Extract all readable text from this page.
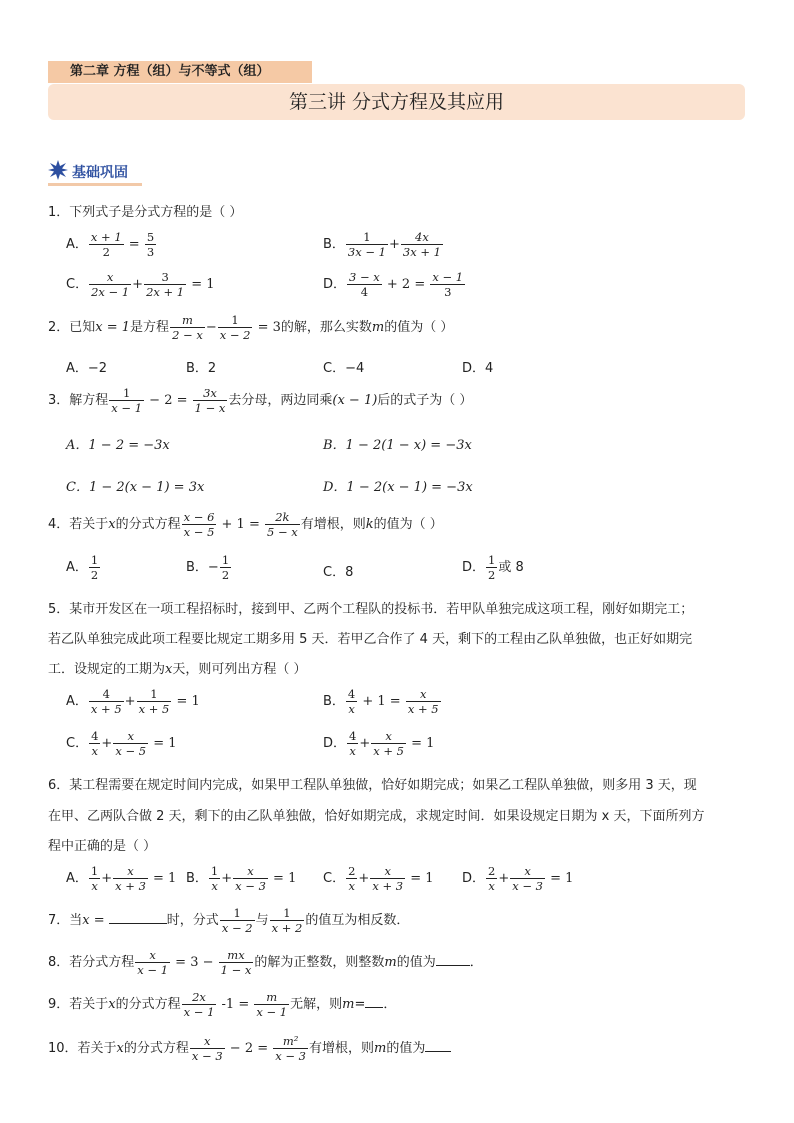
第二章 方程（组）与不等式（组）
第三讲 分式方程及其应用
基础巩固
1．下列式子是分式方程的是（ ）
A． $\frac{x + 1}{2} = \frac{5}{3}$	B． $\frac{1}{3x - 1} + \frac{4x}{3x + 1}$
C． $\frac{x}{2x - 1} + \frac{3}{2x + 1} = 1$	D． $\frac{3 - x}{4} + 2 = \frac{x - 1}{3}$
2．已知x = 1是方程 $\frac{m}{2 - x} - \frac{1}{x - 2} = 3$的解，那么实数m的值为（ ）
A．−2	B．2	C．−4	D．4
3．解方程 $\frac{1}{x - 1} - 2 = \frac{3x}{1 - x}$ 去分母，两边同乘(x − 1)后的式子为（ ）
A．1 − 2 = −3x	B．1 − 2(1 − x) = −3x
C．1 − 2(x − 1) = 3x	D．1 − 2(x − 1) = −3x
4．若关于x的分式方程 $\frac{x - 6}{x - 5} + 1 = \frac{2k}{5 - x}$ 有增根，则k的值为（ ）
A． $\frac{1}{2}$	B．− $\frac{1}{2}$	C．8	D． $\frac{1}{2}$ 或 8
5．某市开发区在一项工程招标时，接到甲、乙两个工程队的投标书．若甲队单独完成这项工程，刚好如期完工；
若乙队单独完成此项工程要比规定工期多用 5 天．若甲乙合作了 4 天，剩下的工程由乙队单独做，也正好如期完
工．设规定的工期为x天，则可列出方程（ ）
A． $\frac{4}{x + 5} + \frac{1}{x + 5} = 1$	B． $\frac{4}{x} + 1 = \frac{x}{x + 5}$
C． $\frac{4}{x} + \frac{x}{x - 5} = 1$	D． $\frac{4}{x} + \frac{x}{x + 5} = 1$
6．某工程需要在规定时间内完成，如果甲工程队单独做，恰好如期完成；如果乙工程队单独做，则多用 3 天，现
在甲、乙两队合做 2 天，剩下的由乙队单独做，恰好如期完成，求规定时间．如果设规定日期为 x 天，下面所列方
程中正确的是（ ）
A． $\frac{1}{x} + \frac{x}{x + 3} = 1$ B． $\frac{1}{x} + \frac{x}{x - 3} = 1$ C． $\frac{2}{x} + \frac{x}{x + 3} = 1$ D． $\frac{2}{x} + \frac{x}{x - 3} = 1$
7．当x =	时，分式 $\frac{1}{x - 2}$ 与 $\frac{1}{x + 2}$ 的值互为相反数．
8．若分式方程 $\frac{x}{x - 1} = 3 - \frac{mx}{1 - x}$ 的解为正整数，则整数m的值为	．
9．若关于x的分式方程 $\frac{2x}{x - 1} -1 = \frac{m}{x - 1}$ 无解，则m= ．
10．若关于x的分式方程 $\frac{x}{x - 3} - 2 = \frac{\text{m²}}{x - 3}$ 有增根，则m的值为
